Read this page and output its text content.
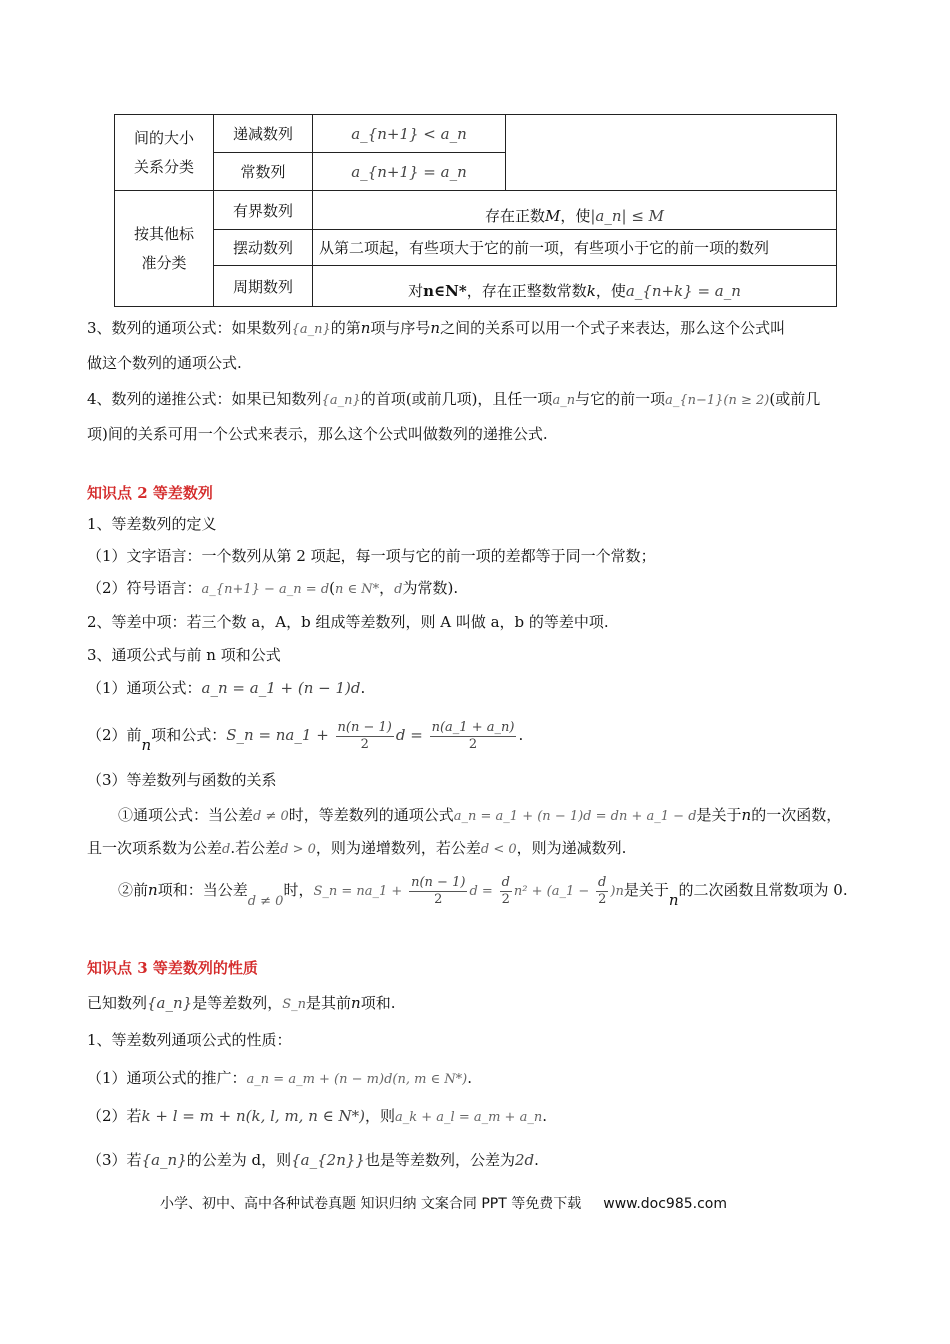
间的大小
关系分类	递减数列	a_{n+1} < a_n	
	常数列	a_{n+1} = a_n	

按其他标
准分类	有界数列	存在正数M，使|a_n| ≤ M	
	摆动数列	从第二项起，有些项大于它的前一项，有些项小于它的前一项的数列	
	周期数列	对n∈N*，存在正整数常数k，使a_{n+k} = a_n	
3、数列的通项公式：如果数列{a_n}的第n项与序号n之间的关系可以用一个式子来表达，那么这个公式叫
做这个数列的通项公式.
4、数列的递推公式：如果已知数列{a_n}的首项(或前几项)，且任一项a_n与它的前一项a_{n−1}(n ≥ 2)(或前几
项)间的关系可用一个公式来表示，那么这个公式叫做数列的递推公式.
知识点 2 等差数列
1、等差数列的定义
（1）文字语言：一个数列从第 2 项起，每一项与它的前一项的差都等于同一个常数；
（2）符号语言：a_{n+1} − a_n = d(n ∈ N*，d为常数).
2、等差中项：若三个数 a，A，b 组成等差数列，则 A 叫做 a，b 的等差中项.
3、通项公式与前 n 项和公式
（1）通项公式：a_n = a_1 + (n − 1)d.
（2）前n项和公式：S_n = na_1 + $\frac{n(n - 1)}{2}$ $d = \frac{n(a\_1 + a\_n)}{2}$ .
（3）等差数列与函数的关系
①通项公式：当公差d ≠ 0时，等差数列的通项公式a_n = a_1 + (n − 1)d = dn + a_1 − d是关于n的一次函数，
且一次项系数为公差d.若公差d > 0，则为递增数列，若公差d < 0，则为递减数列.
②前n项和：当公差d ≠ 0时，S_n = na_1 + $\frac{n(n - 1)}{2}$ $d = \frac{d}{2} n^2$ + (a_1 − $\frac{d}{2} )n$是关于n的二次函数且常数项为 0.
知识点 3 等差数列的性质
已知数列{a_n}是等差数列，S_n是其前n项和.
1、等差数列通项公式的性质：
（1）通项公式的推广：a_n = a_m + (n − m)d(n, m ∈ N*).
（2）若k + l = m + n(k, l, m, n ∈ N*)，则a_k + a_l = a_m + a_n.
（3）若{a_n}的公差为 d，则{a_{2n}}也是等差数列，公差为2d.
小学、初中、高中各种试卷真题 知识归纳 文案合同 PPT 等免费下载 www.doc985.com
